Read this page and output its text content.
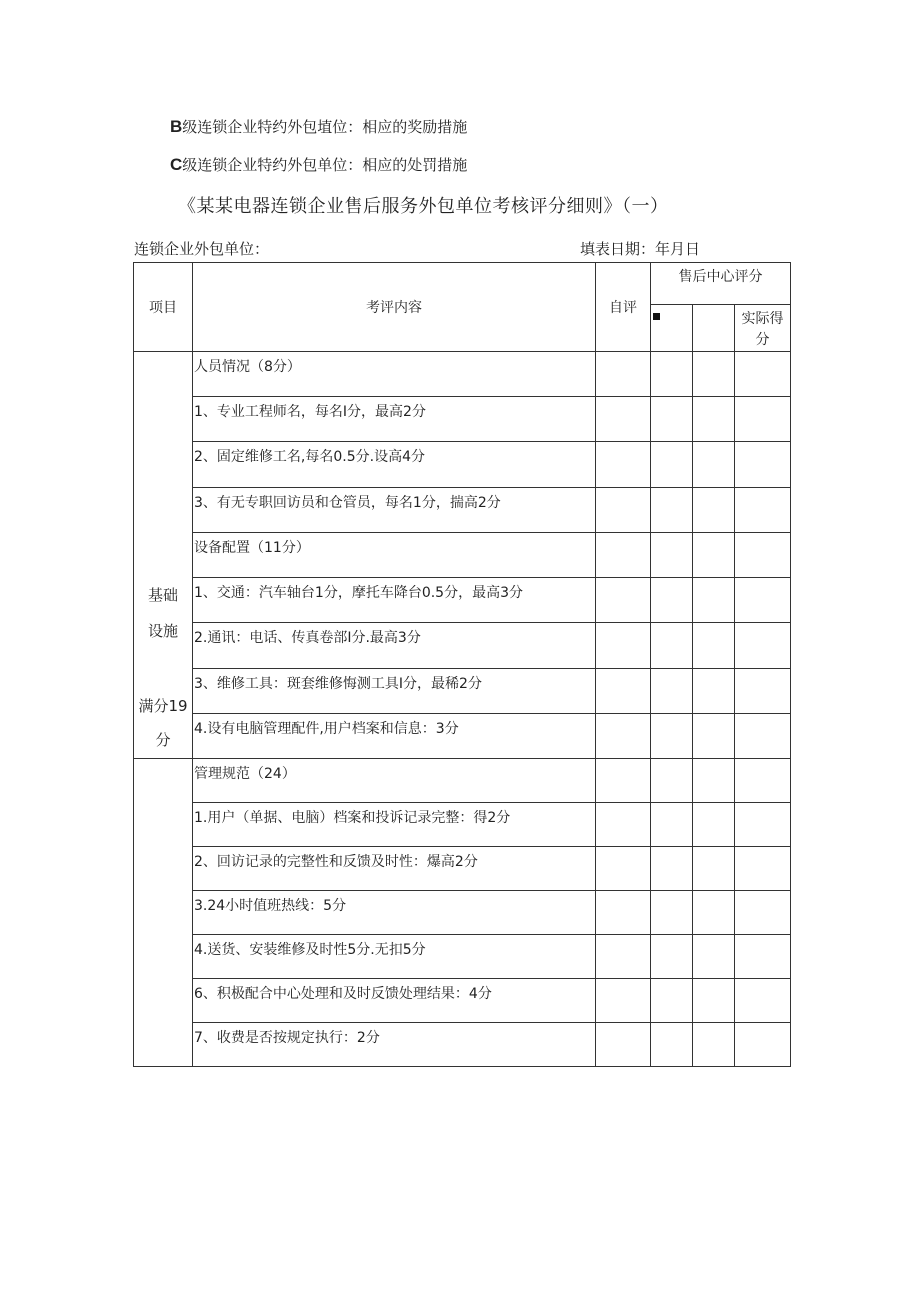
B级连锁企业特约外包埴位：相应的奖励措施
C级连锁企业特约外包单位：相应的处罚措施
《某某电器连锁企业售后服务外包单位考核评分细则》（一）
连锁企业外包单位：	填表日期：年月日
项目	考评内容	自评	售后中心评分		
					实际得
分

基础
设施
满分19
分	人员情况（8分）				
	1、专业工程师名，每名I分，最高2分				
	2、固定维修工名,每名0.5分.设高4分				
	3、有无专职回访员和仓管员，每名1分，揣高2分				
	设备配置（11分）				
	1、交通：汽车轴台1分，摩托车降台0.5分，最高3分				
	2.通讯：电话、传真卷部I分.最高3分				
	3、维修工具：斑套维修悔测工具I分，最稀2分				
	4.设有电脑管理配件,用户档案和信息：3分				
	管理规范（24）				
	1.用户（单据、电脑）档案和投诉记录完整：得2分				
	2、回访记录的完整性和反馈及时性：爆高2分				
	3.24小时值班热线：5分				
	4.送货、安装维修及时性5分.无扣5分				
	6、积极配合中心处理和及时反馈处理结果：4分				
	7、收费是否按规定执行：2分				
